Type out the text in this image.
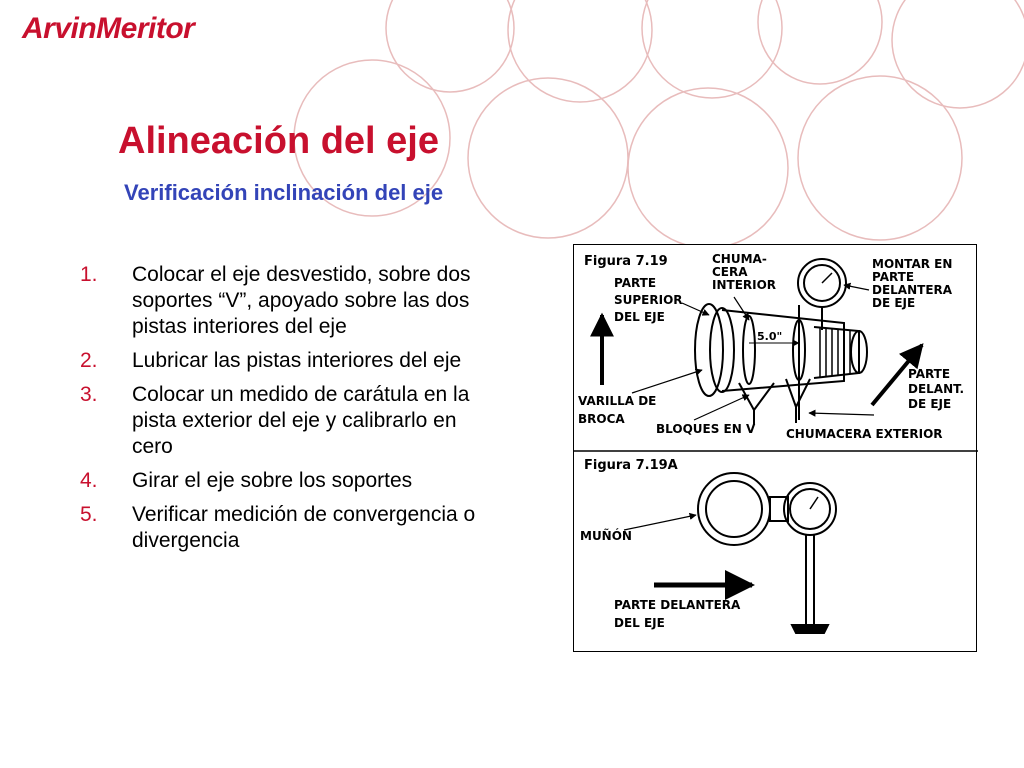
ArvinMeritor
Alineación del eje
Verificación inclinación del eje
1.	Colocar el eje desvestido, sobre dos soportes “V”, apoyado sobre las dos pistas interiores del eje
2.	Lubricar las pistas interiores del eje
3.	Colocar un medido de carátula en la pista exterior del eje y calibrarlo en cero
4.	Girar el eje sobre los soportes
5.	Verificar medición de convergencia o divergencia
Figura 7.19
5.0"
CHUMA-
CERA
INTERIOR
MONTAR EN
PARTE
DELANTERA
DE EJE
PARTE
SUPERIOR
DEL EJE
PARTE
DELANT.
DE EJE
VARILLA DE
BROCA
BLOQUES EN V	CHUMACERA EXTERIOR
Figura 7.19A
MUÑÓN
PARTE DELANTERA
DEL EJE
